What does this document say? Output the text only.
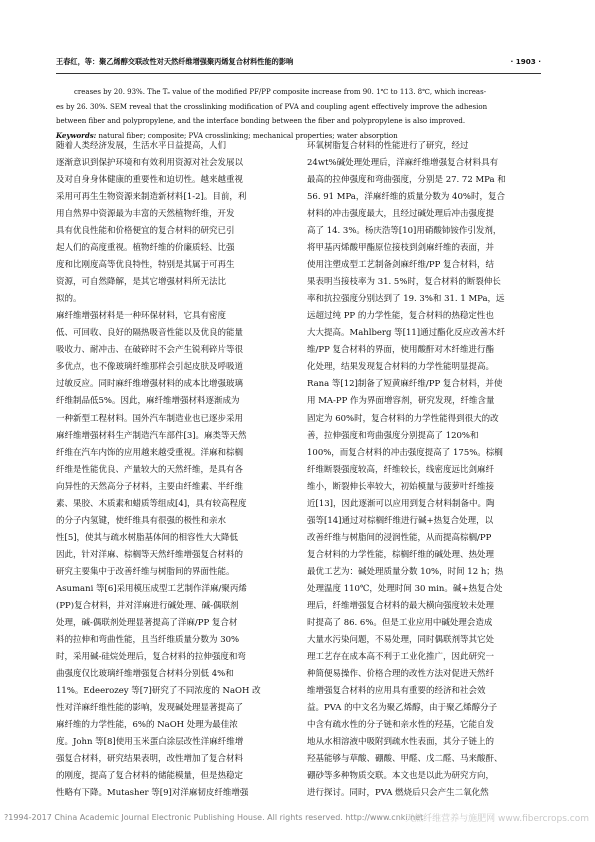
王春红，等：聚乙烯醇交联改性对天然纤维增强聚丙烯复合材料性能的影响	· 1903 ·
creases by 20. 93%. The Tₑ value of the modified PF/PP composite increase from 90. 1℃ to 113. 8℃, which increas-
es by 26. 30%. SEM reveal that the crosslinking modification of PVA and coupling agent effectively improve the adhesion
between fiber and polypropylene, and the interface bonding between the fiber and polypropylene is also improved.
Keywords: natural fiber; composite; PVA crosslinking; mechanical properties; water absorption
随着人类经济发展，生活水平日益提高，人们
逐渐意识到保护环境和有效利用资源对社会发展以
及对自身身体健康的重要性和迫切性。越来越重视
采用可再生生物资源来制造新材料[1-2]。目前，利
用自然界中资源最为丰富的天然植物纤维，开发
具有优良性能和价格便宜的复合材料的研究已引
起人们的高度重视。植物纤维的价廉质轻、比强
度和比刚度高等优良特性，特别是其属于可再生
资源，可自然降解，是其它增强材料所无法比
拟的。
麻纤维增强材料是一种环保材料，它具有密度
低、可回收、良好的隔热吸音性能以及优良的能量
吸收力、耐冲击、在破碎时不会产生锐利碎片等很
多优点，也不像玻璃纤维那样会引起皮肤及呼吸道
过敏反应。同时麻纤维增强材料的成本比增强玻璃
纤维制品低5%。因此，麻纤维增强材料逐渐成为
一种新型工程材料。国外汽车制造业也已逐步采用
麻纤维增强材料生产制造汽车部件[3]。麻类等天然
纤维在汽车内饰的应用越来越受重视。洋麻和棕榈
纤维是性能优良、产量较大的天然纤维，是具有各
向异性的天然高分子材料，主要由纤维素、半纤维
素、果胶、木质素和蜡质等组成[4]，具有较高程度
的分子内氢键，使纤维具有很强的极性和亲水
性[5]，使其与疏水树脂基体间的相容性大大降低
因此，针对洋麻、棕榈等天然纤维增强复合材料的
研究主要集中于改善纤维与树脂间的界面性能。
Asumani 等[6]采用模压成型工艺制作洋麻/聚丙烯
(PP)复合材料，并对洋麻进行碱处理、碱-偶联剂
处理，碱-偶联剂处理显著提高了洋麻/PP 复合材
料的拉伸和弯曲性能，且当纤维质量分数为 30%
时，采用碱-硅烷处理后，复合材料的拉伸强度和弯
曲强度仅比玻璃纤维增强复合材料分别低 4%和
11%。Edeerozey 等[7]研究了不同浓度的 NaOH 改
性对洋麻纤维性能的影响，发现碱处理显著提高了
麻纤维的力学性能，6%的 NaOH 处理为最佳浓
度。John 等[8]使用玉米蛋白涂层改性洋麻纤维增
强复合材料，研究结果表明，改性增加了复合材料
的刚度，提高了复合材料的储能模量，但是热稳定
性略有下降。Mutasher 等[9]对洋麻韧皮纤维增强
环氧树脂复合材料的性能进行了研究，经过
24wt%碱处理处理后，洋麻纤维增强复合材料具有
最高的拉伸强度和弯曲强度，分别是 27. 72 MPa 和
56. 91 MPa，洋麻纤维的质量分数为 40%时，复合
材料的冲击强度最大，且经过碱处理后冲击强度提
高了 14. 3%。杨庆浩等[10]用硝酸铈铵作引发剂，
将甲基丙烯酸甲酯原位接枝到剑麻纤维的表面，并
使用注塑成型工艺制备剑麻纤维/PP 复合材料，结
果表明当接枝率为 31. 5%时，复合材料的断裂伸长
率和抗拉强度分别达到了 19. 3%和 31. 1 MPa，远
远超过纯 PP 的力学性能，复合材料的热稳定性也
大大提高。Mahlberg 等[11]通过酯化反应改善木纤
维/PP 复合材料的界面，使用酸酐对木纤维进行酯
化处理，结果发现复合材料的力学性能明显提高。
Rana 等[12]制备了短黄麻纤维/PP 复合材料，并使
用 MA-PP 作为界面增容剂，研究发现，纤维含量
固定为 60%时，复合材料的力学性能得到很大的改
善，拉伸强度和弯曲强度分别提高了 120%和
100%，而复合材料的冲击强度提高了 175%。棕榈
纤维断裂强度较高，纤维较长，线密度远比剑麻纤
维小，断裂伸长率较大，初始模量与菠萝叶纤维接
近[13]，因此逐渐可以应用到复合材料制备中。陶
强等[14]通过对棕榈纤维进行碱+热复合处理，以
改善纤维与树脂间的浸润性能，从而提高棕榈/PP
复合材料的力学性能，棕榈纤维的碱处理、热处理
最优工艺为：碱处理质量分数 10%，时间 12 h；热
处理温度 110℃，处理时间 30 min。碱+热复合处
理后，纤维增强复合材料的最大横向强度较未处理
时提高了 86. 6%。但是工业应用中碱处理会造成
大量水污染问题，不易处理，同时偶联剂等其它处
理工艺存在成本高不利于工业化推广，因此研究一
种简便易操作、价格合理的改性方法对促进天然纤
维增强复合材料的应用具有重要的经济和社会效
益。PVA 的中文名为聚乙烯醇，由于聚乙烯醇分子
中含有疏水性的分子链和亲水性的羟基，它能自发
地从水相溶液中吸附到疏水性表面，其分子链上的
羟基能够与草酸、硼酸、甲醛、戊二醛、马来酸酐、
硼砂等多种物质交联。本文也是以此为研究方向，
进行探讨。同时，PVA 燃烧后只会产生二氧化然
?1994-2017 China Academic Journal Electronic Publishing House. All rights reserved. http://www.cnki.net
天然纤维营养与施肥网 www.fibercrops.com
